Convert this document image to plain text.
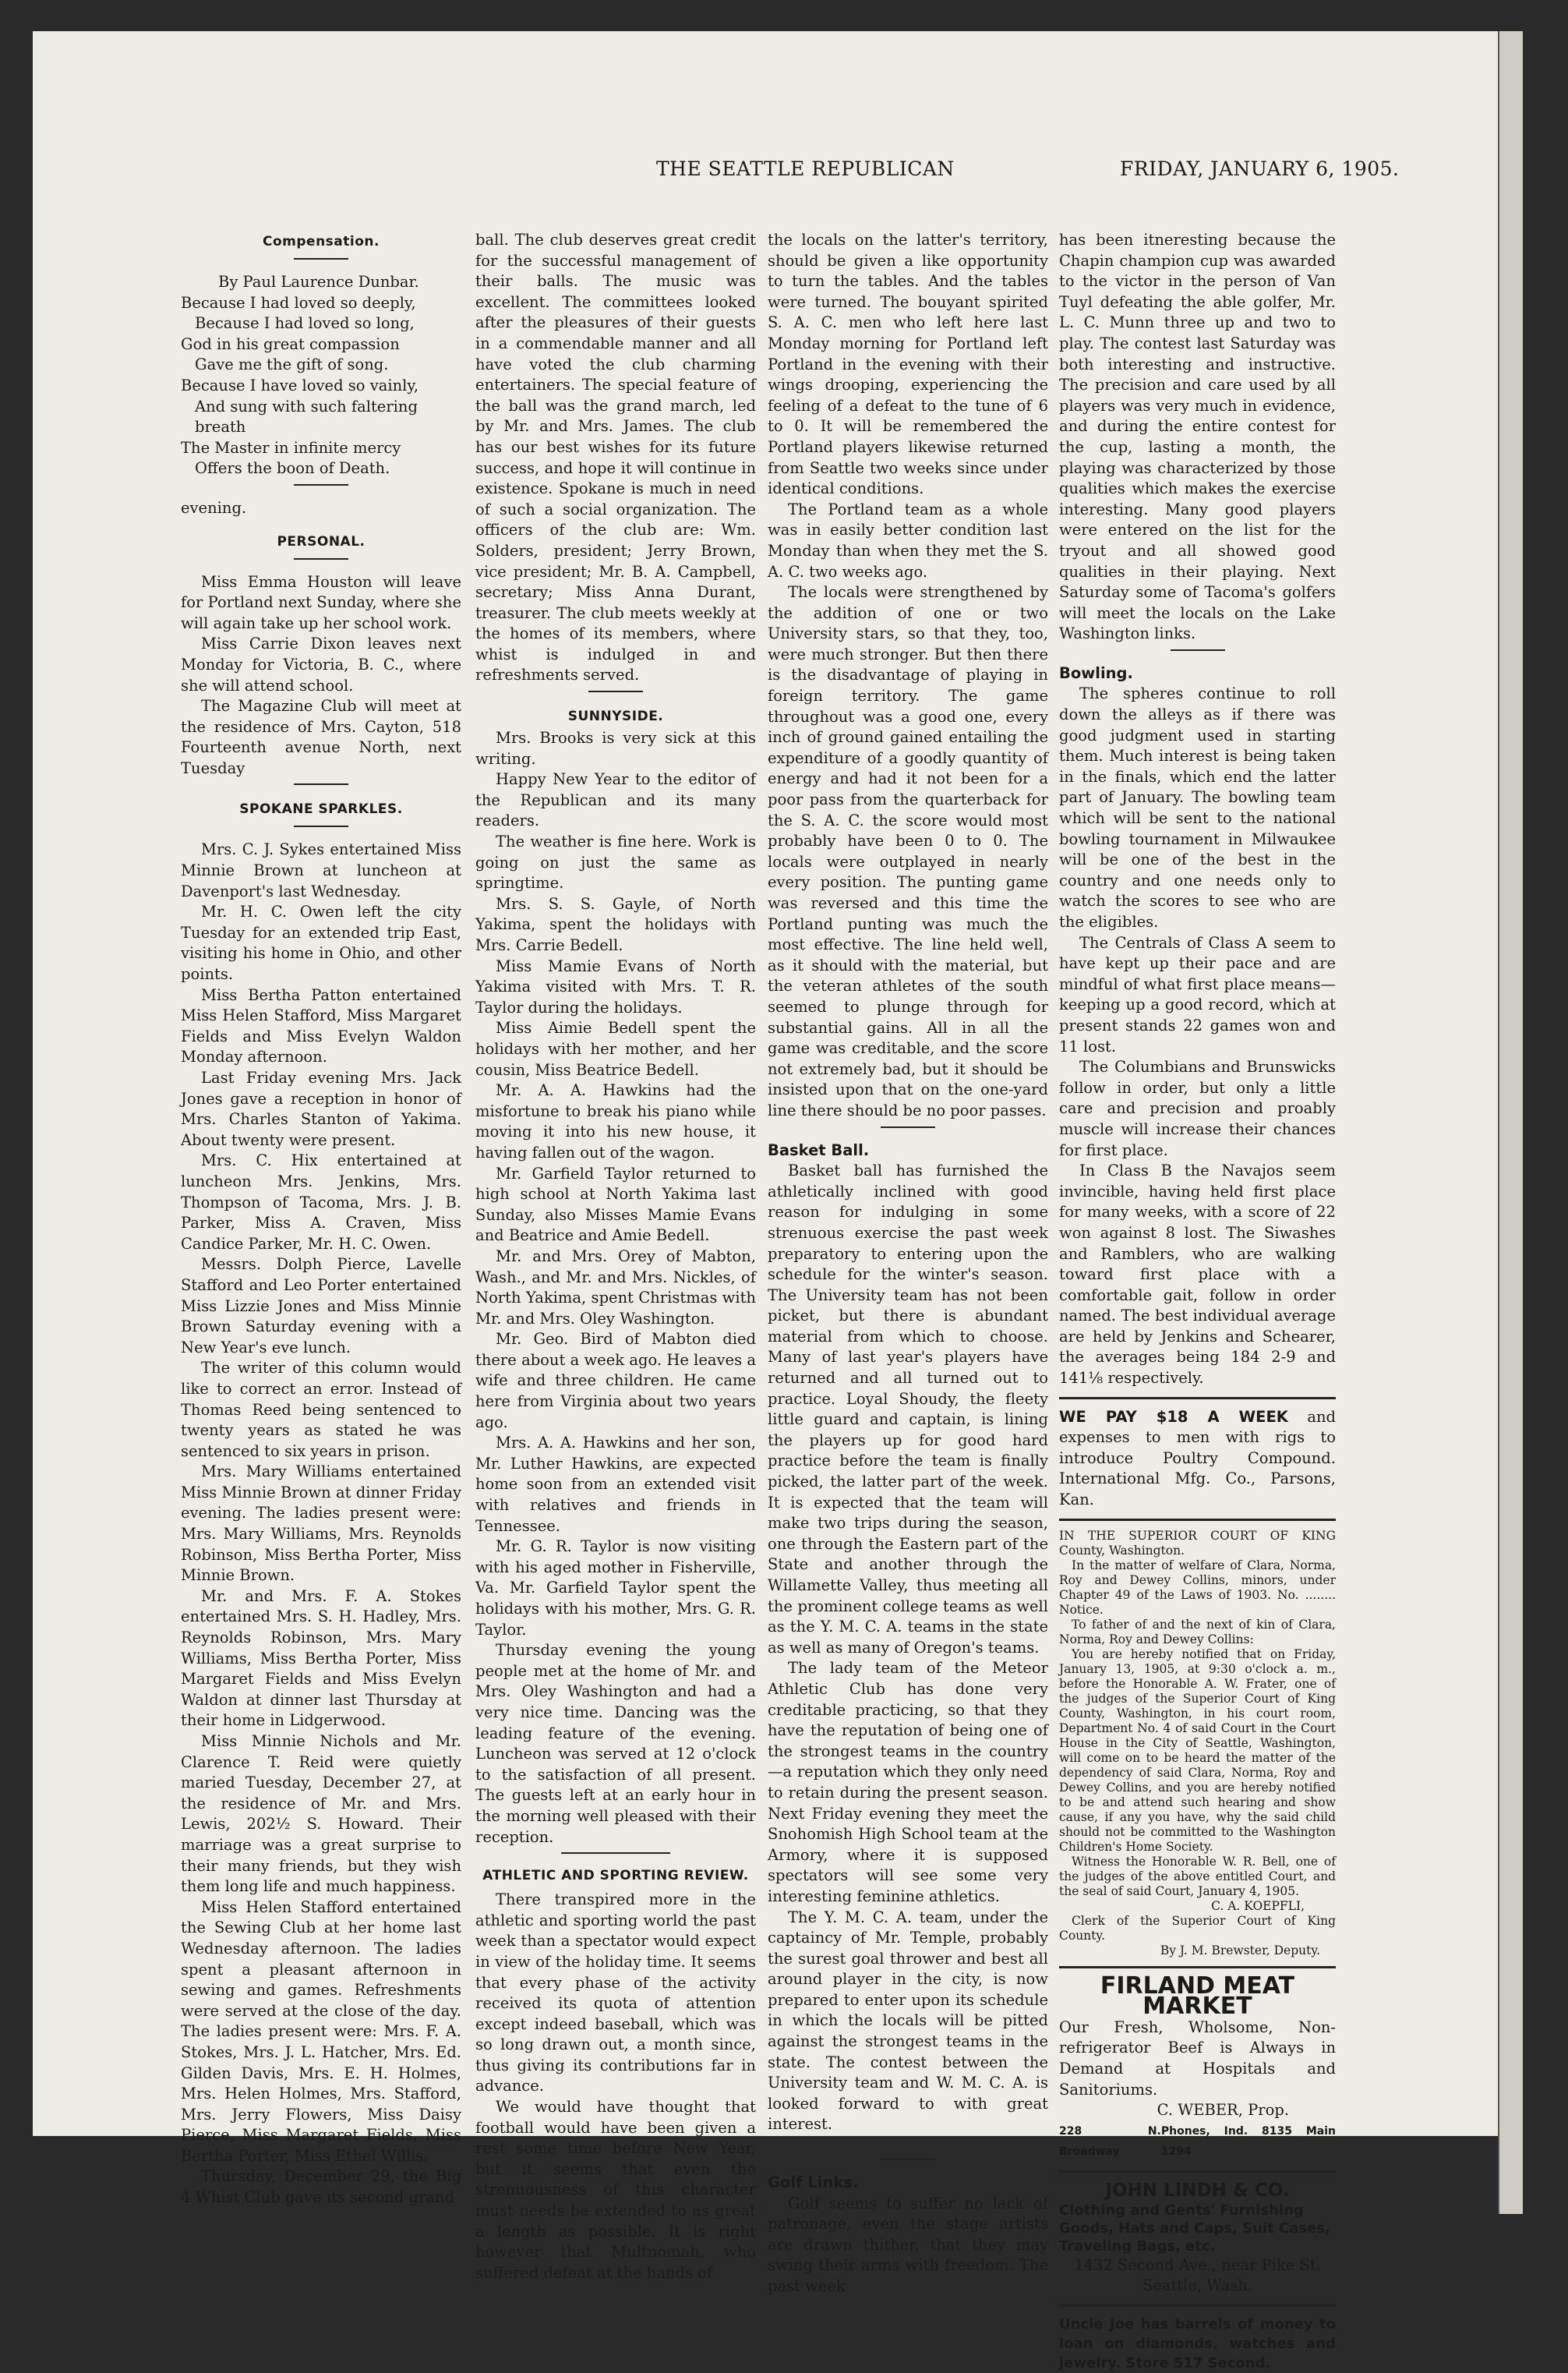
THE SEATTLE REPUBLICAN	FRIDAY, JANUARY 6, 1905.
Compensation.

By Paul Laurence Dunbar.

Because I had loved so deeply,

Because I had loved so long,

God in his great compassion

Gave me the gift of song.

Because I have loved so vainly,

And sung with such faltering breath

The Master in infinite mercy

Offers the boon of Death.

evening.

PERSONAL.

Miss Emma Houston will leave for Portland next Sunday, where she will again take up her school work.

Miss Carrie Dixon leaves next Monday for Victoria, B. C., where she will attend school.

The Magazine Club will meet at the residence of Mrs. Cayton, 518 Fourteenth avenue North, next Tuesday

SPOKANE SPARKLES.

Mrs. C. J. Sykes entertained Miss Minnie Brown at luncheon at Davenport's last Wednesday.

Mr. H. C. Owen left the city Tuesday for an extended trip East, visiting his home in Ohio, and other points.

Miss Bertha Patton entertained Miss Helen Stafford, Miss Margaret Fields and Miss Evelyn Waldon Monday afternoon.

Last Friday evening Mrs. Jack Jones gave a reception in honor of Mrs. Charles Stanton of Yakima. About twenty were present.

Mrs. C. Hix entertained at luncheon Mrs. Jenkins, Mrs. Thompson of Tacoma, Mrs. J. B. Parker, Miss A. Craven, Miss Candice Parker, Mr. H. C. Owen.

Messrs. Dolph Pierce, Lavelle Stafford and Leo Porter entertained Miss Lizzie Jones and Miss Minnie Brown Saturday evening with a New Year's eve lunch.

The writer of this column would like to correct an error. Instead of Thomas Reed being sentenced to twenty years as stated he was sentenced to six years in prison.

Mrs. Mary Williams entertained Miss Minnie Brown at dinner Friday evening. The ladies present were: Mrs. Mary Williams, Mrs. Reynolds Robinson, Miss Bertha Porter, Miss Minnie Brown.

Mr. and Mrs. F. A. Stokes entertained Mrs. S. H. Hadley, Mrs. Reynolds Robinson, Mrs. Mary Williams, Miss Bertha Porter, Miss Margaret Fields and Miss Evelyn Waldon at dinner last Thursday at their home in Lidgerwood.

Miss Minnie Nichols and Mr. Clarence T. Reid were quietly maried Tuesday, December 27, at the residence of Mr. and Mrs. Lewis, 202½ S. Howard. Their marriage was a great surprise to their many friends, but they wish them long life and much happiness.

Miss Helen Stafford entertained the Sewing Club at her home last Wednesday afternoon. The ladies spent a pleasant afternoon in sewing and games. Refreshments were served at the close of the day. The ladies present were: Mrs. F. A. Stokes, Mrs. J. L. Hatcher, Mrs. Ed. Gilden Davis, Mrs. E. H. Holmes, Mrs. Helen Holmes, Mrs. Stafford, Mrs. Jerry Flowers, Miss Daisy Pierce, Miss Margaret Fields, Miss Bertha Porter, Miss Ethel Willis.

Thursday, December 29, the Big 4 Whist Club gave its second grand

ball. The club deserves great credit for the successful management of their balls. The music was excellent. The committees looked after the pleasures of their guests in a commendable manner and all have voted the club charming entertainers. The special feature of the ball was the grand march, led by Mr. and Mrs. James. The club has our best wishes for its future success, and hope it will continue in existence. Spokane is much in need of such a social organization. The officers of the club are: Wm. Solders, president; Jerry Brown, vice president; Mr. B. A. Campbell, secretary; Miss Anna Durant, treasurer. The club meets weekly at the homes of its members, where whist is indulged in and refreshments served.

SUNNYSIDE.

Mrs. Brooks is very sick at this writing.

Happy New Year to the editor of the Republican and its many readers.

The weather is fine here. Work is going on just the same as springtime.

Mrs. S. S. Gayle, of North Yakima, spent the holidays with Mrs. Carrie Bedell.

Miss Mamie Evans of North Yakima visited with Mrs. T. R. Taylor during the holidays.

Miss Aimie Bedell spent the holidays with her mother, and her cousin, Miss Beatrice Bedell.

Mr. A. A. Hawkins had the misfortune to break his piano while moving it into his new house, it having fallen out of the wagon.

Mr. Garfield Taylor returned to high school at North Yakima last Sunday, also Misses Mamie Evans and Beatrice and Amie Bedell.

Mr. and Mrs. Orey of Mabton, Wash., and Mr. and Mrs. Nickles, of North Yakima, spent Christmas with Mr. and Mrs. Oley Washington.

Mr. Geo. Bird of Mabton died there about a week ago. He leaves a wife and three children. He came here from Virginia about two years ago.

Mrs. A. A. Hawkins and her son, Mr. Luther Hawkins, are expected home soon from an extended visit with relatives and friends in Tennessee.

Mr. G. R. Taylor is now visiting with his aged mother in Fisherville, Va. Mr. Garfield Taylor spent the holidays with his mother, Mrs. G. R. Taylor.

Thursday evening the young people met at the home of Mr. and Mrs. Oley Washington and had a very nice time. Dancing was the leading feature of the evening. Luncheon was served at 12 o'clock to the satisfaction of all present. The guests left at an early hour in the morning well pleased with their reception.

ATHLETIC AND SPORTING REVIEW.

There transpired more in the athletic and sporting world the past week than a spectator would expect in view of the holiday time. It seems that every phase of the activity received its quota of attention except indeed baseball, which was so long drawn out, a month since, thus giving its contributions far in advance.

We would have thought that football would have been given a rest some time before New Year, but it seems that even the strenuousness of this character must needs be extended to as great a length as possible. It is right however that Multnomah, who suffered defeat at the hands of

the locals on the latter's territory, should be given a like opportunity to turn the tables. And the tables were turned. The bouyant spirited S. A. C. men who left here last Monday morning for Portland left Portland in the evening with their wings drooping, experiencing the feeling of a defeat to the tune of 6 to 0. It will be remembered the Portland players likewise returned from Seattle two weeks since under identical conditions.

The Portland team as a whole was in easily better condition last Monday than when they met the S. A. C. two weeks ago.

The locals were strengthened by the addition of one or two University stars, so that they, too, were much stronger. But then there is the disadvantage of playing in foreign territory. The game throughout was a good one, every inch of ground gained entailing the expenditure of a goodly quantity of energy and had it not been for a poor pass from the quarterback for the S. A. C. the score would most probably have been 0 to 0. The locals were outplayed in nearly every position. The punting game was reversed and this time the Portland punting was much the most effective. The line held well, as it should with the material, but the veteran athletes of the south seemed to plunge through for substantial gains. All in all the game was creditable, and the score not extremely bad, but it should be insisted upon that on the one-yard line there should be no poor passes.

Basket Ball.

Basket ball has furnished the athletically inclined with good reason for indulging in some strenuous exercise the past week preparatory to entering upon the schedule for the winter's season. The University team has not been picket, but there is abundant material from which to choose. Many of last year's players have returned and all turned out to practice. Loyal Shoudy, the fleety little guard and captain, is lining the players up for good hard practice before the team is finally picked, the latter part of the week. It is expected that the team will make two trips during the season, one through the Eastern part of the State and another through the Willamette Valley, thus meeting all the prominent college teams as well as the Y. M. C. A. teams in the state as well as many of Oregon's teams.

The lady team of the Meteor Athletic Club has done very creditable practicing, so that they have the reputation of being one of the strongest teams in the country—a reputation which they only need to retain during the present season. Next Friday evening they meet the Snohomish High School team at the Armory, where it is supposed spectators will see some very interesting feminine athletics.

The Y. M. C. A. team, under the captaincy of Mr. Temple, probably the surest goal thrower and best all around player in the city, is now prepared to enter upon its schedule in which the locals will be pitted against the strongest teams in the state. The contest between the University team and W. M. C. A. is looked forward to with great interest.

Golf Links.

Golf seems to suffer no lack of patronage, even the stage artists are drawn thither, that they may swing their arms with freedom. The past week

has been itneresting because the Chapin champion cup was awarded to the victor in the person of Van Tuyl defeating the able golfer, Mr. L. C. Munn three up and two to play. The contest last Saturday was both interesting and instructive. The precision and care used by all players was very much in evidence, and during the entire contest for the cup, lasting a month, the playing was characterized by those qualities which makes the exercise interesting. Many good players were entered on the list for the tryout and all showed good qualities in their playing. Next Saturday some of Tacoma's golfers will meet the locals on the Lake Washington links.

Bowling.

The spheres continue to roll down the alleys as if there was good judgment used in starting them. Much interest is being taken in the finals, which end the latter part of January. The bowling team which will be sent to the national bowling tournament in Milwaukee will be one of the best in the country and one needs only to watch the scores to see who are the eligibles.

The Centrals of Class A seem to have kept up their pace and are mindful of what first place means—keeping up a good record, which at present stands 22 games won and 11 lost.

The Columbians and Brunswicks follow in order, but only a little care and precision and proably muscle will increase their chances for first place.

In Class B the Navajos seem invincible, having held first place for many weeks, with a score of 22 won against 8 lost. The Siwashes and Ramblers, who are walking toward first place with a comfortable gait, follow in order named. The best individual average are held by Jenkins and Schearer, the averages being 184 2-9 and 141⅛ respectively.

WE PAY $18 A WEEK and expenses to men with rigs to introduce Poultry Compound. International Mfg. Co., Parsons, Kan.

IN THE SUPERIOR COURT OF KING County, Washington.

In the matter of welfare of Clara, Norma, Roy and Dewey Collins, minors, under Chapter 49 of the Laws of 1903. No. ........ Notice.

To father of and the next of kin of Clara, Norma, Roy and Dewey Collins:

You are hereby notified that on Friday, January 13, 1905, at 9:30 o'clock a. m., before the Honorable A. W. Frater, one of the judges of the Superior Court of King County, Washington, in his court room, Department No. 4 of said Court in the Court House in the City of Seattle, Washington, will come on to be heard the matter of the dependency of said Clara, Norma, Roy and Dewey Collins, and you are hereby notified to be and attend such hearing and show cause, if any you have, why the said child should not be committed to the Washington Children's Home Society.

Witness the Honorable W. R. Bell, one of the judges of the above entitled Court, and the seal of said Court, January 4, 1905.

C. A. KOEPFLI,

Clerk of the Superior Court of King County.

By J. M. Brewster, Deputy.

FIRLAND MEAT MARKET

Our Fresh, Wholsome, Non-refrigerator Beef is Always in Demand at Hospitals and Sanitoriums.

C. WEBER, Prop.

228 N. Broadway
Phones, Ind. 8135 Main 1294

JOHN LINDH & CO.

Clothing and Gents' Furnishing Goods, Hats and Caps, Suit Cases, Traveling Bags, etc.

1432 Second Ave., near Pike St.

Seattle, Wash.

Uncle Joe has barrels of money to loan on diamonds, watches and jewelry. Store 517 Second.
